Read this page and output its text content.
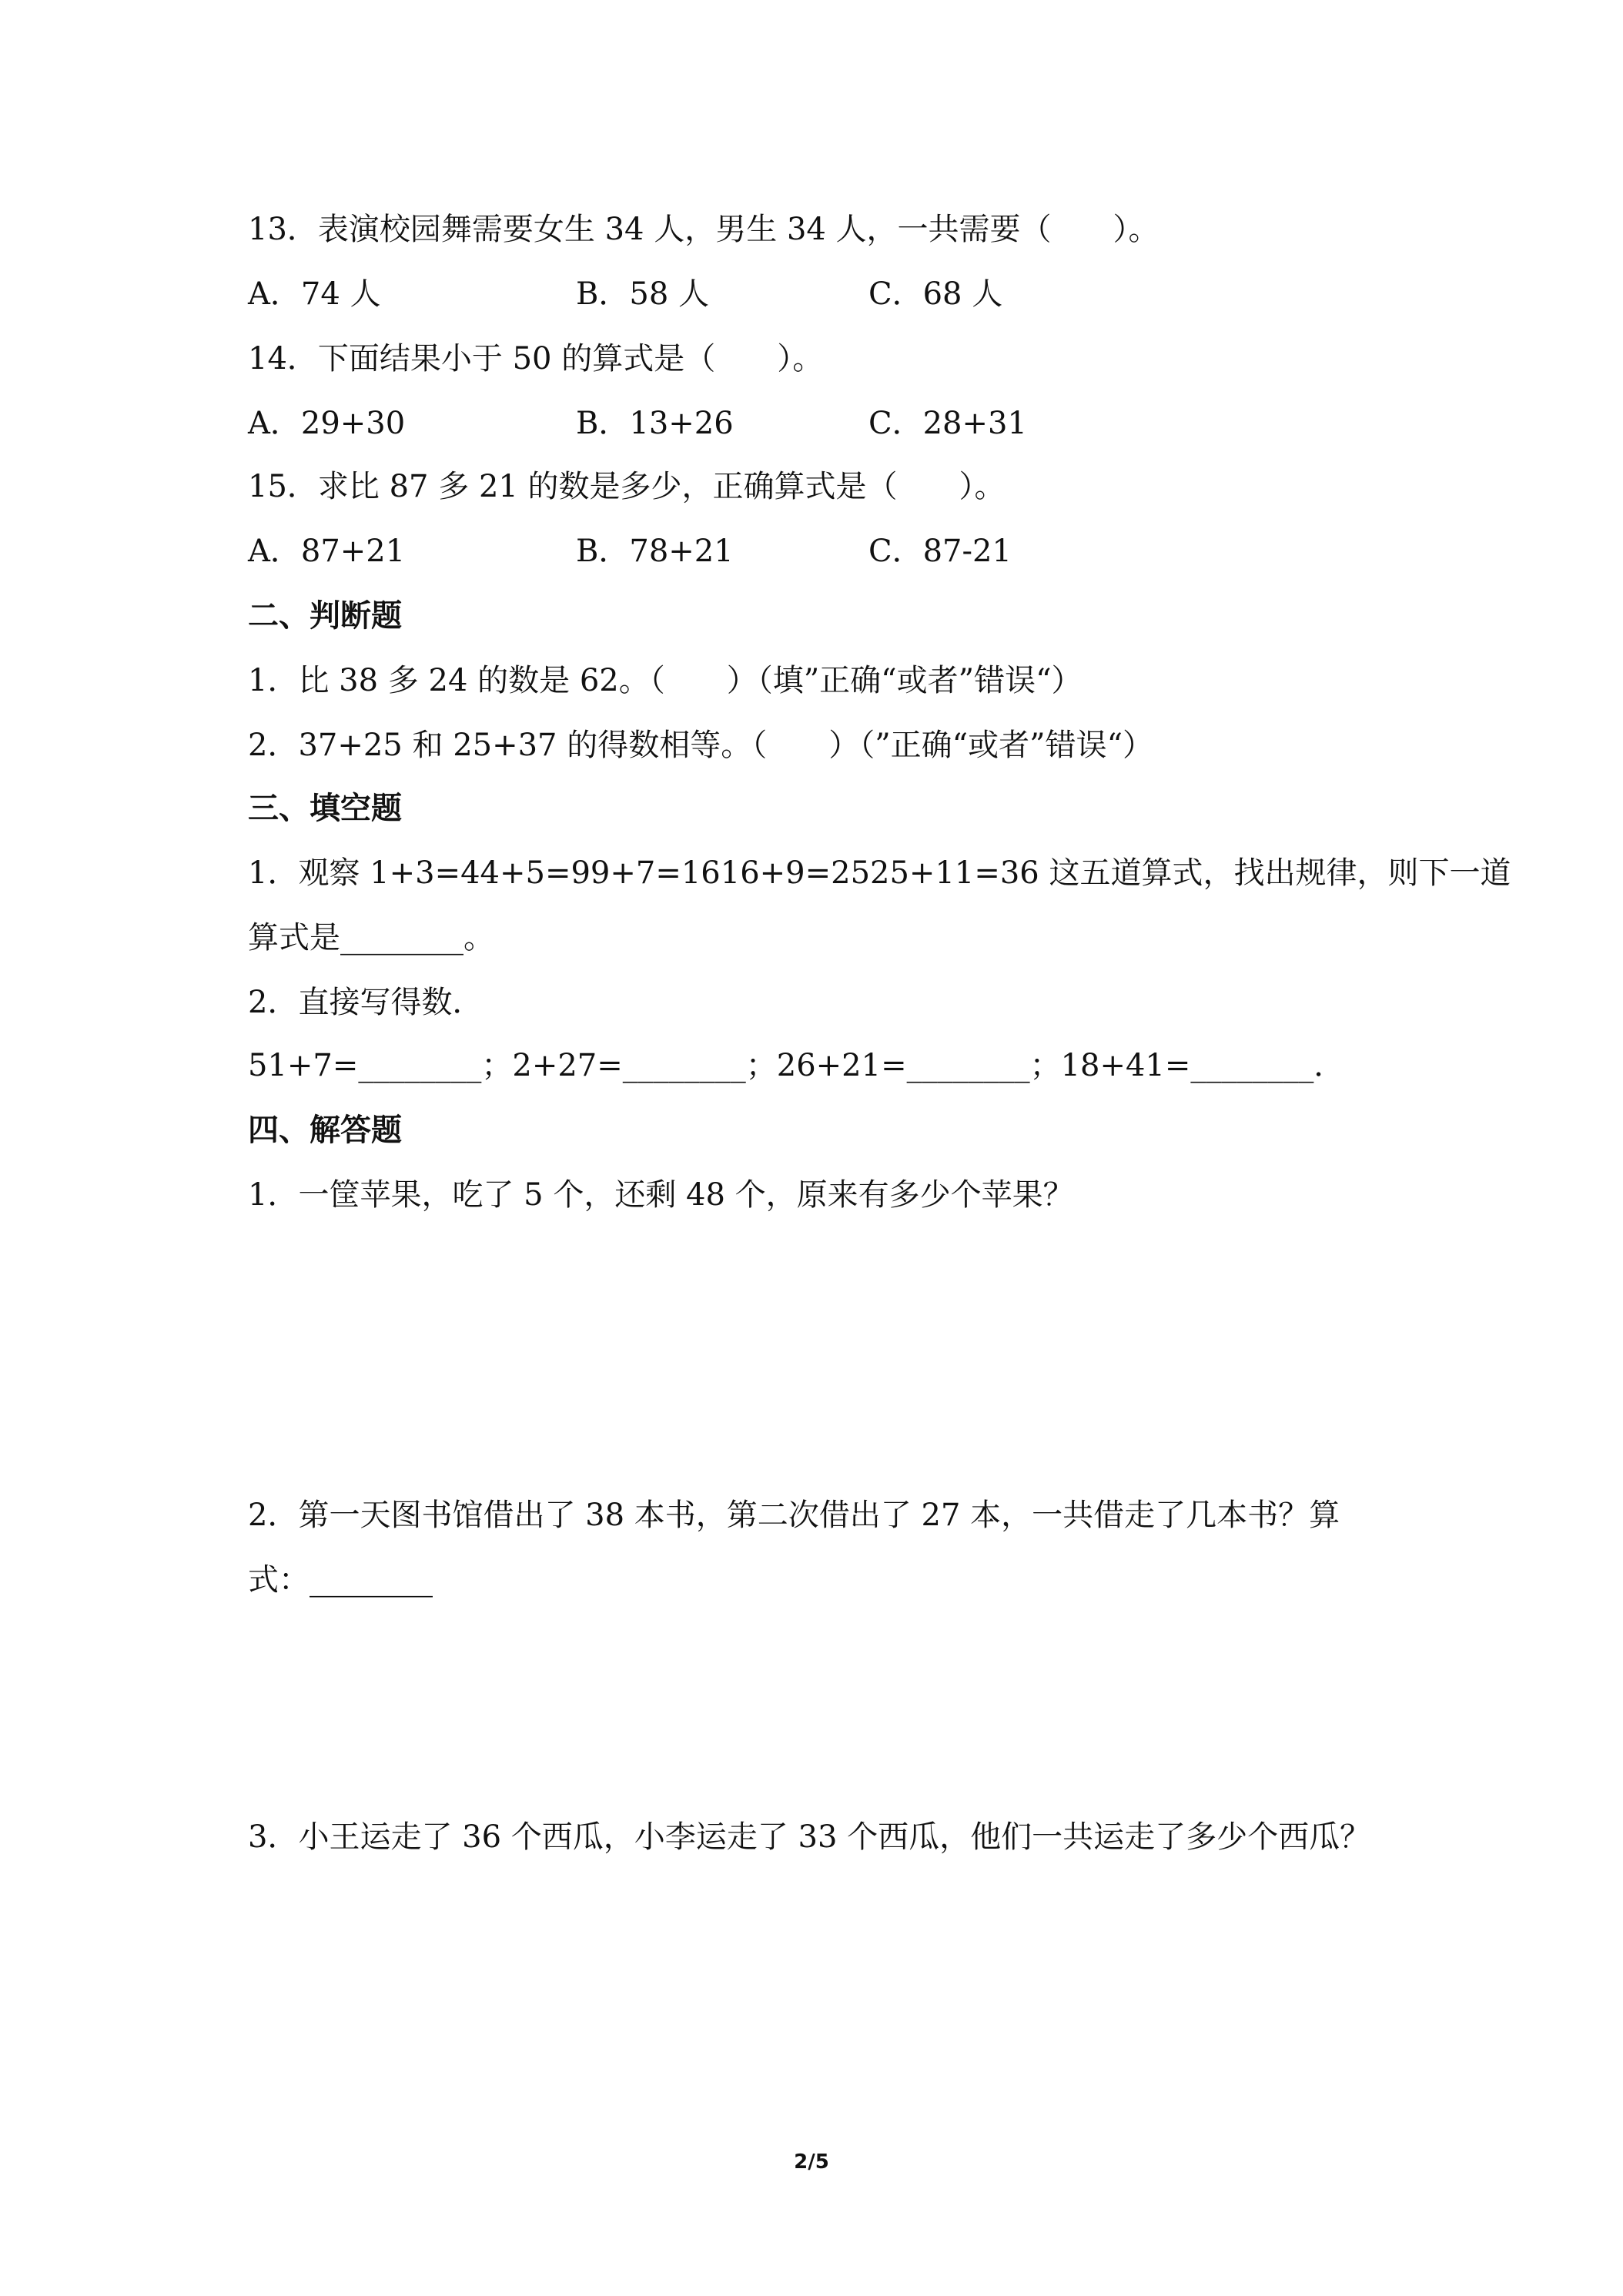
13．表演校园舞需要女生 34 人，男生 34 人，一共需要（　　）。
A．74 人	B．58 人	C．68 人
14．下面结果小于 50 的算式是（　　）。
A．29+30	B．13+26	C．28+31
15．求比 87 多 21 的数是多少，正确算式是（　　）。
A．87+21	B．78+21	C．87-21
二、判断题
1．比 38 多 24 的数是 62。（　　）（填”正确“或者”错误“）
2．37+25 和 25+37 的得数相等。（　　）（”正确“或者”错误“）
三、填空题
1．观察 1+3=44+5=99+7=1616+9=2525+11=36 这五道算式，找出规律，则下一道
算式是________。
2．直接写得数．
51+7=________；2+27=________；26+21=________；18+41=________．
四、解答题
1．一筐苹果，吃了 5 个，还剩 48 个，原来有多少个苹果？
2．第一天图书馆借出了 38 本书，第二次借出了 27 本，一共借走了几本书？算
式：________
3．小王运走了 36 个西瓜，小李运走了 33 个西瓜，他们一共运走了多少个西瓜？
2/5
